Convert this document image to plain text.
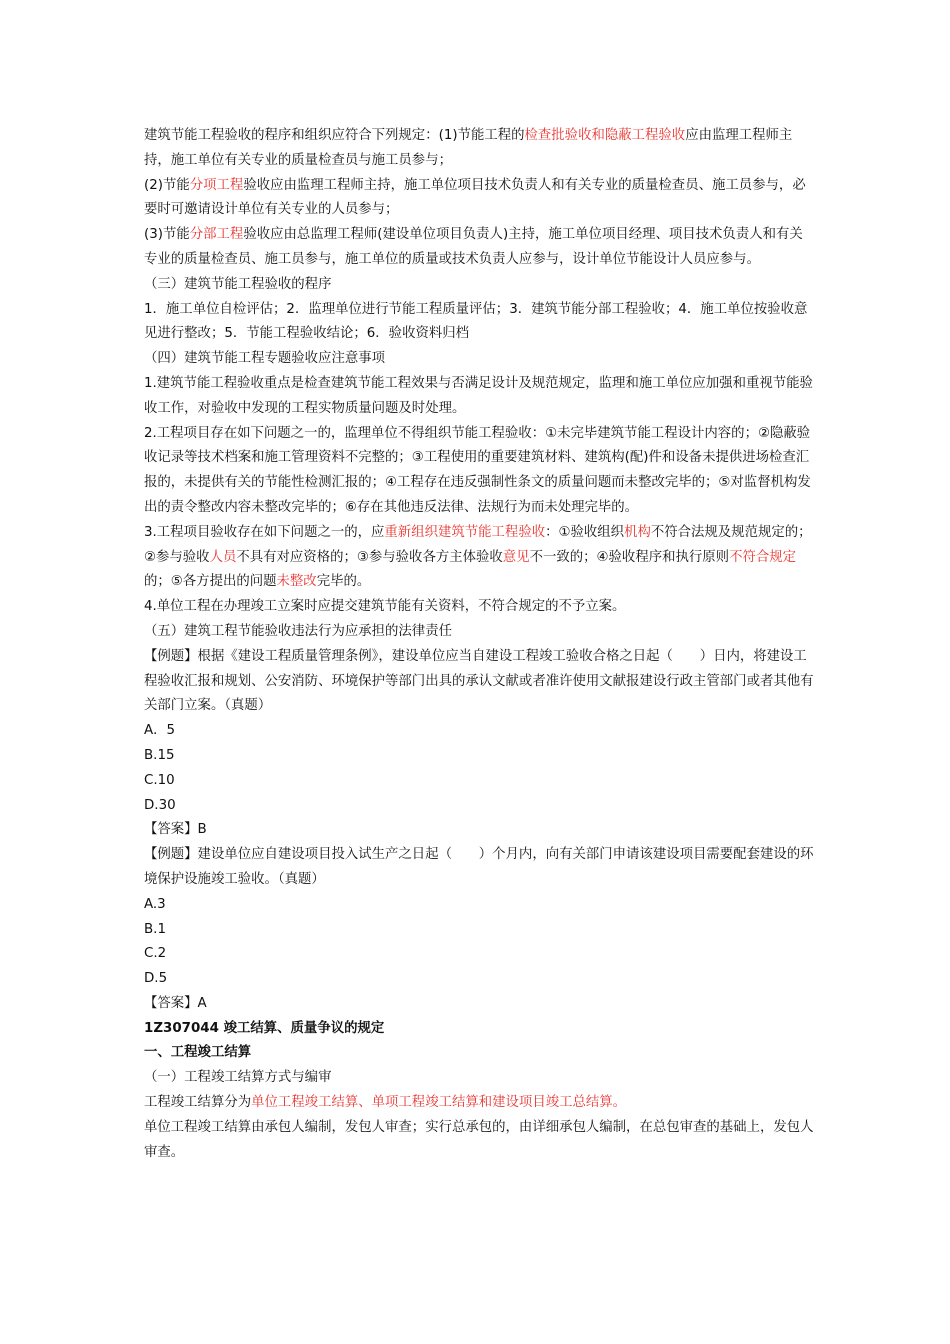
建筑节能工程验收的程序和组织应符合下列规定：(1)节能工程的检查批验收和隐蔽工程验收应由监理工程师主持，施工单位有关专业的质量检查员与施工员参与；

(2)节能分项工程验收应由监理工程师主持，施工单位项目技术负责人和有关专业的质量检查员、施工员参与，必要时可邀请设计单位有关专业的人员参与；

(3)节能分部工程验收应由总监理工程师(建设单位项目负责人)主持，施工单位项目经理、项目技术负责人和有关专业的质量检查员、施工员参与，施工单位的质量或技术负责人应参与，设计单位节能设计人员应参与。

（三）建筑节能工程验收的程序

1．施工单位自检评估；2．监理单位进行节能工程质量评估；3．建筑节能分部工程验收；4．施工单位按验收意见进行整改；5．节能工程验收结论；6．验收资料归档

（四）建筑节能工程专题验收应注意事项

1.建筑节能工程验收重点是检查建筑节能工程效果与否满足设计及规范规定，监理和施工单位应加强和重视节能验收工作，对验收中发现的工程实物质量问题及时处理。

2.工程项目存在如下问题之一的，监理单位不得组织节能工程验收：①未完毕建筑节能工程设计内容的；②隐蔽验收记录等技术档案和施工管理资料不完整的；③工程使用的重要建筑材料、建筑构(配)件和设备未提供进场检查汇报的，未提供有关的节能性检测汇报的；④工程存在违反强制性条文的质量问题而未整改完毕的；⑤对监督机构发出的责令整改内容未整改完毕的；⑥存在其他违反法律、法规行为而未处理完毕的。

3.工程项目验收存在如下问题之一的，应重新组织建筑节能工程验收：①验收组织机构不符合法规及规范规定的；②参与验收人员不具有对应资格的；③参与验收各方主体验收意见不一致的；④验收程序和执行原则不符合规定的；⑤各方提出的问题未整改完毕的。

4.单位工程在办理竣工立案时应提交建筑节能有关资料，不符合规定的不予立案。

（五）建筑工程节能验收违法行为应承担的法律责任

【例题】根据《建设工程质量管理条例》，建设单位应当自建设工程竣工验收合格之日起（　　）日内，将建设工程验收汇报和规划、公安消防、环境保护等部门出具的承认文献或者准许使用文献报建设行政主管部门或者其他有关部门立案。（真题）

A．5

B.15

C.10

D.30

【答案】B

【例题】建设单位应自建设项目投入试生产之日起（　　）个月内，向有关部门申请该建设项目需要配套建设的环境保护设施竣工验收。（真题）

A.3

B.1

C.2

D.5

【答案】A

1Z307044 竣工结算、质量争议的规定

一、工程竣工结算

（一）工程竣工结算方式与编审

工程竣工结算分为单位工程竣工结算、单项工程竣工结算和建设项目竣工总结算。

单位工程竣工结算由承包人编制，发包人审查；实行总承包的，由详细承包人编制，在总包审查的基础上，发包人审查。
